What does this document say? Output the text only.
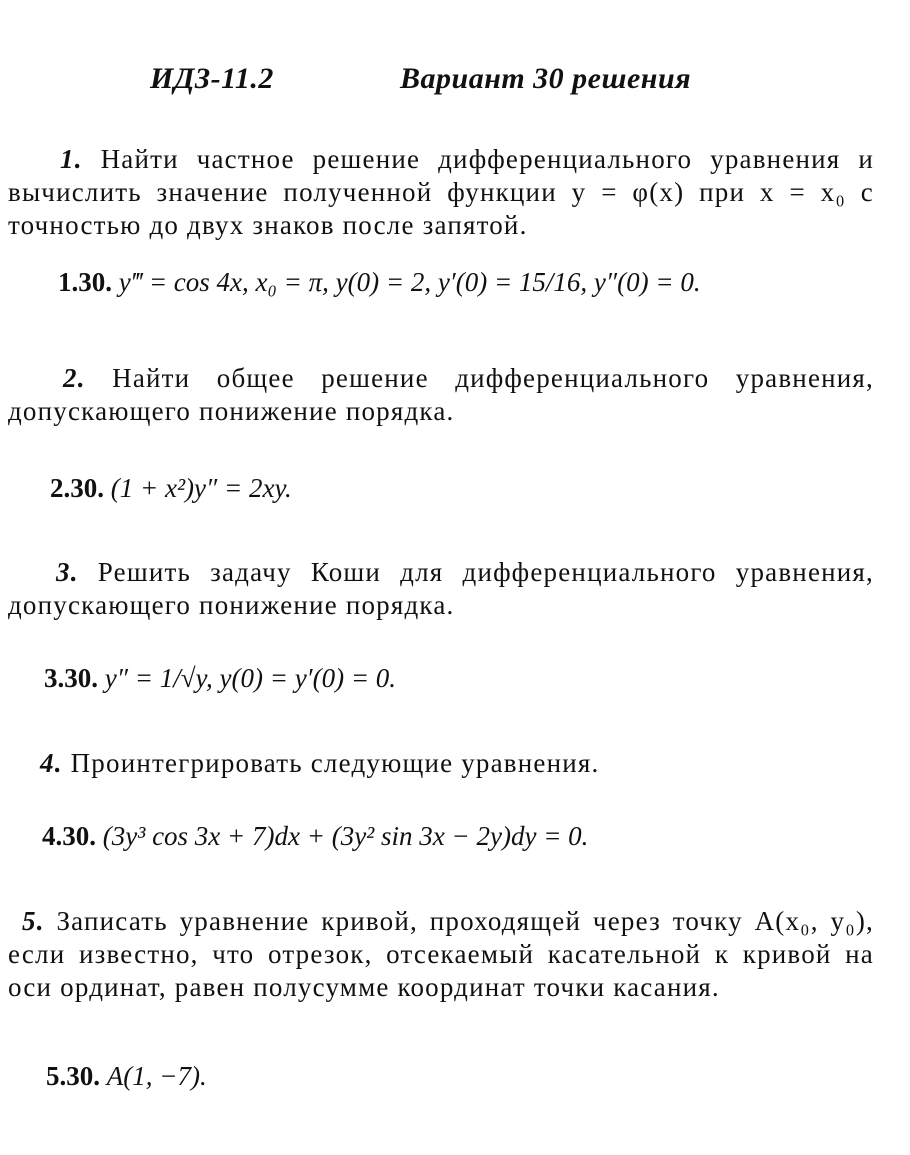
ИДЗ-11.2	Вариант 30 решения
1. Найти частное решение дифференциального уравнения и вычислить значение полученной функции y = φ(x) при x = x₀ с точностью до двух знаков после запятой.
1.30. y‴ = cos 4x, x₀ = π, y(0) = 2, y′(0) = 15/16, y″(0) = 0.
2. Найти общее решение дифференциального уравнения, допускающего понижение порядка.
2.30. (1 + x²)y″ = 2xy.
3. Решить задачу Коши для дифференциального уравнения, допускающего понижение порядка.
3.30. y″ = 1/√y, y(0) = y′(0) = 0.
4. Проинтегрировать следующие уравнения.
4.30. (3y³ cos 3x + 7)dx + (3y² sin 3x − 2y)dy = 0.
5. Записать уравнение кривой, проходящей через точку A(x₀, y₀), если известно, что отрезок, отсекаемый касательной к кривой на оси ординат, равен полусумме координат точки касания.
5.30. A(1, −7).
